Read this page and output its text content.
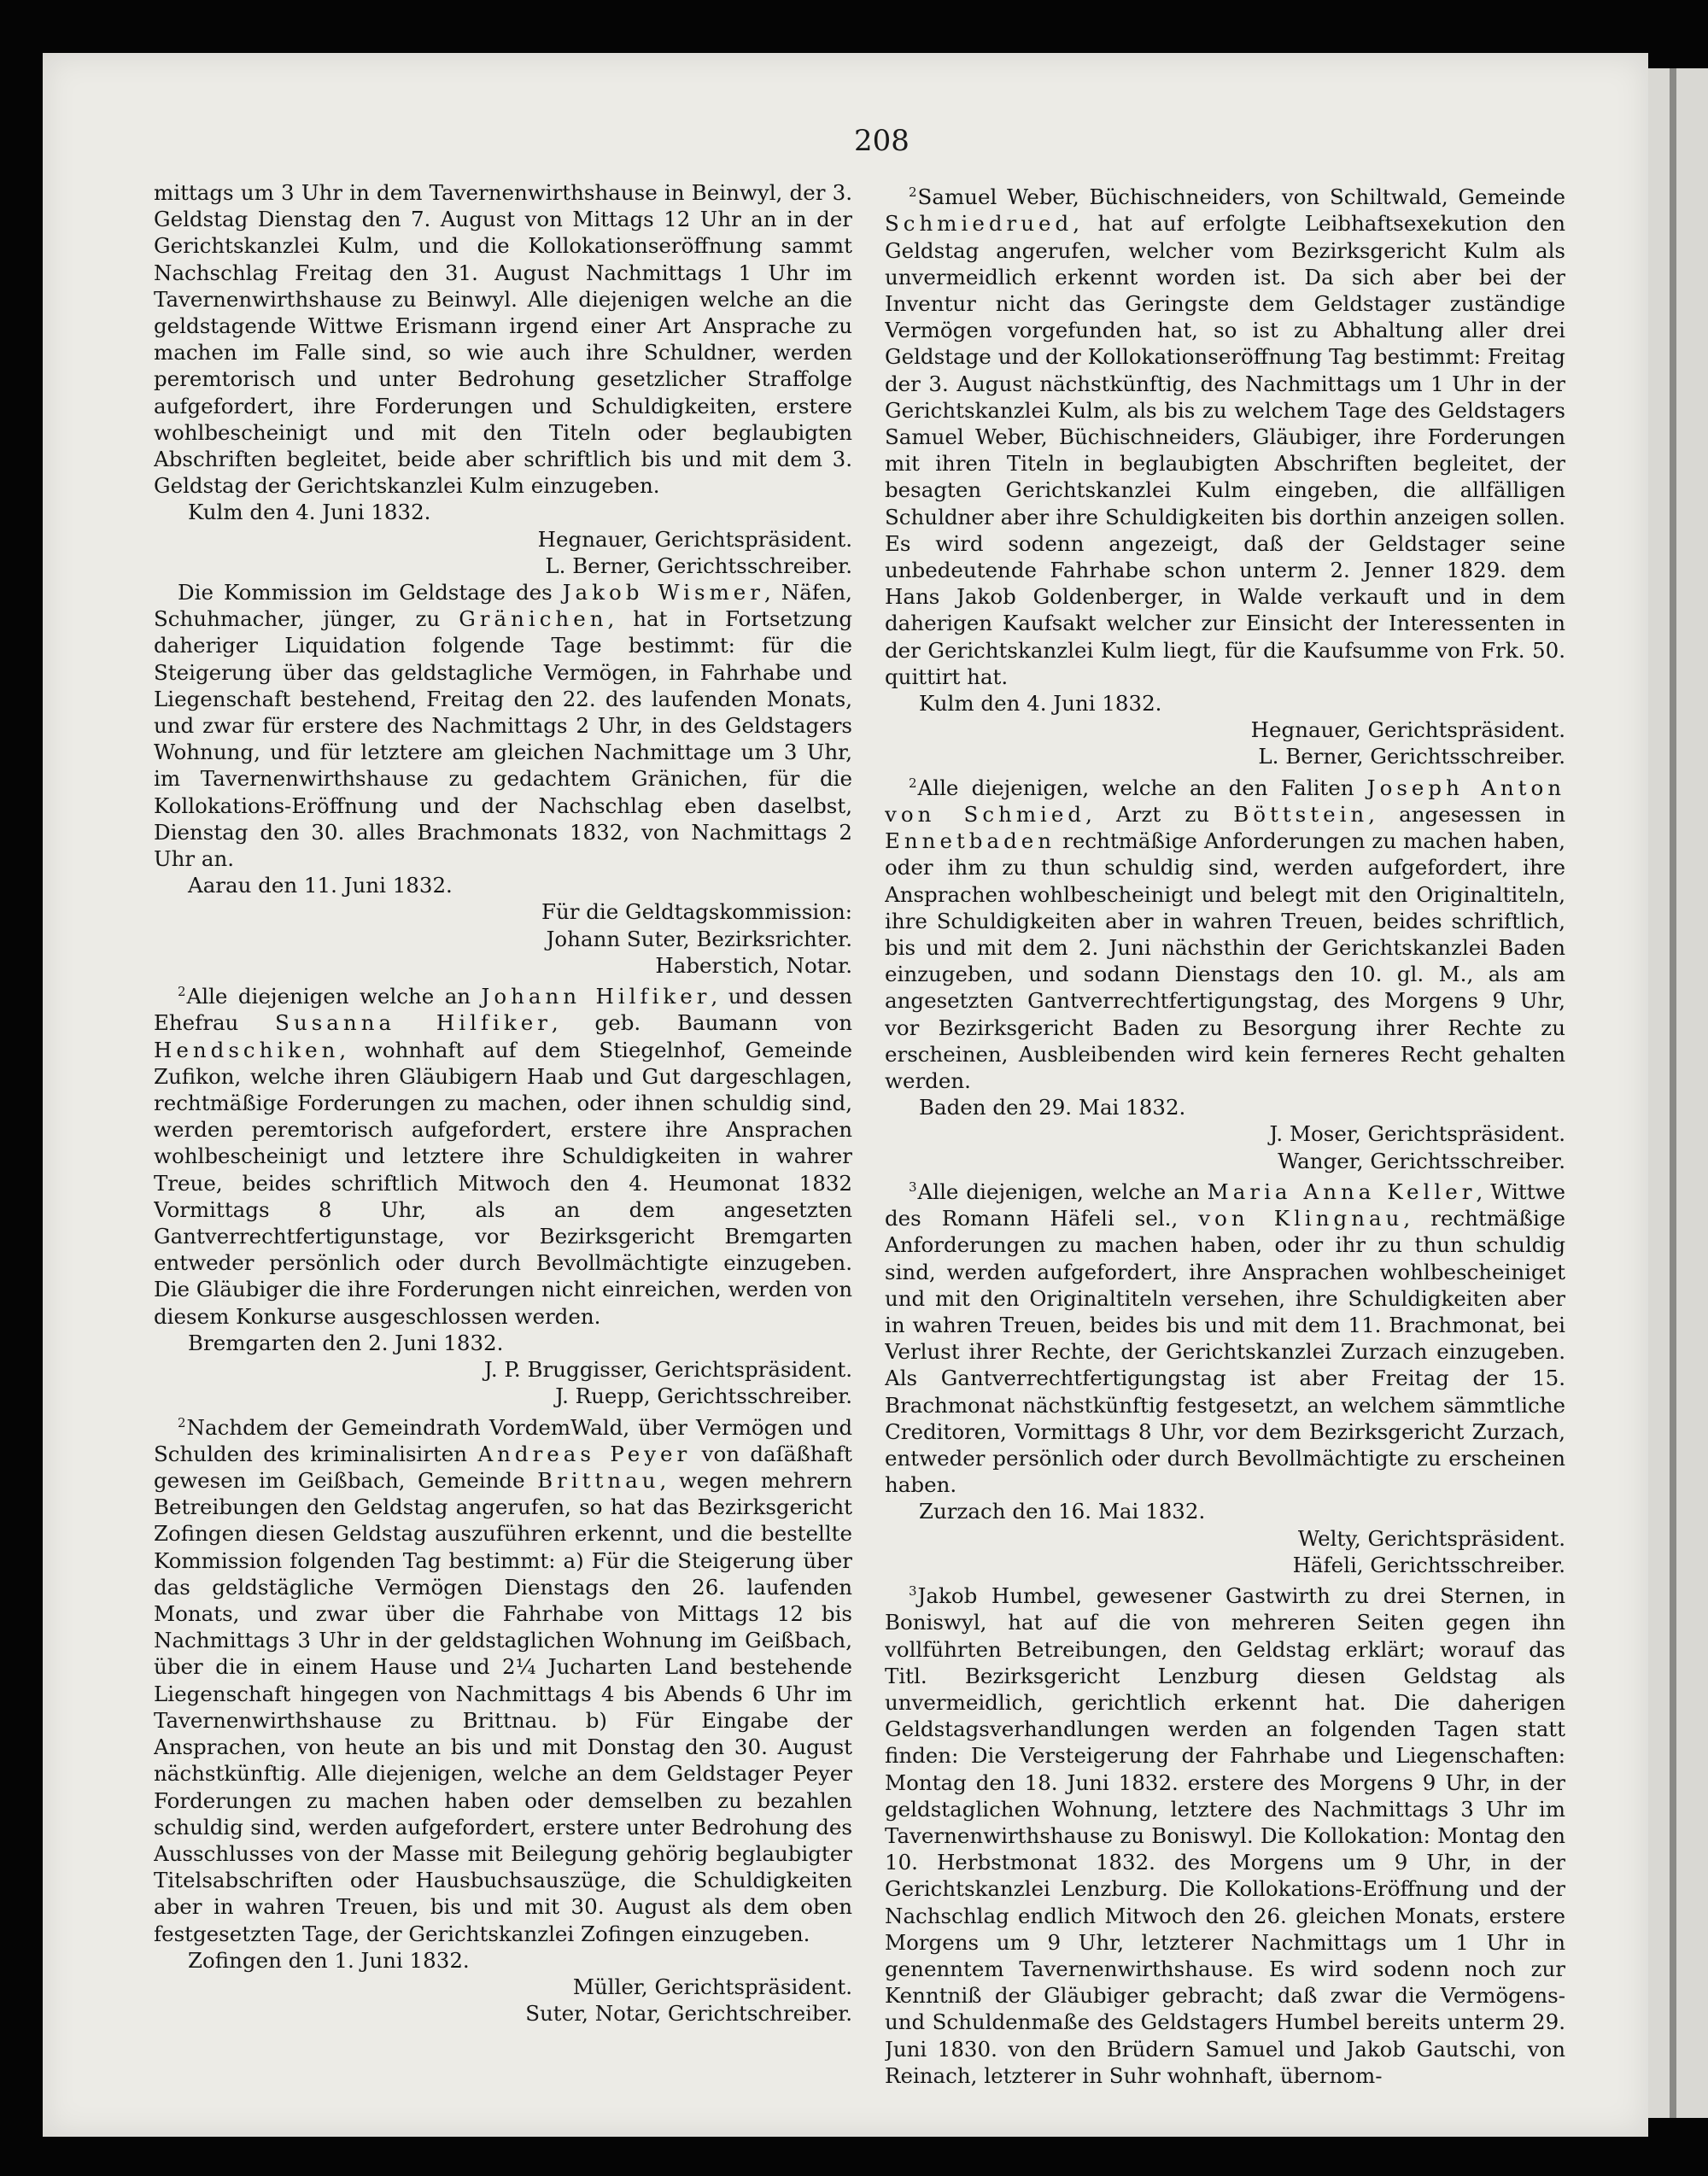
208

mittags um 3 Uhr in dem Tavernenwirthshause in Beinwyl, der 3. Geldstag Dienstag den 7. August von Mittags 12 Uhr an in der Gerichtskanzlei Kulm, und die Kollokationseröffnung sammt Nachschlag Freitag den 31. August Nachmittags 1 Uhr im Tavernenwirthshause zu Beinwyl. Alle diejenigen welche an die geldstagende Wittwe Erismann irgend einer Art Ansprache zu machen im Falle sind, so wie auch ihre Schuldner, werden peremtorisch und unter Bedrohung gesetzlicher Straffolge aufgefordert, ihre Forderungen und Schuldigkeiten, erstere wohlbescheinigt und mit den Titeln oder beglaubigten Abschriften begleitet, beide aber schriftlich bis und mit dem 3. Geldstag der Gerichtskanzlei Kulm einzugeben.

Kulm den 4. Juni 1832.

Hegnauer, Gerichtspräsident.

L. Berner, Gerichtsschreiber.

Die Kommission im Geldstage des Jakob Wismer, Näfen, Schuhmacher, jünger, zu Gränichen, hat in Fortsetzung daheriger Liquidation folgende Tage bestimmt: für die Steigerung über das geldstagliche Vermögen, in Fahrhabe und Liegenschaft bestehend, Freitag den 22. des laufenden Monats, und zwar für erstere des Nachmittags 2 Uhr, in des Geldstagers Wohnung, und für letztere am gleichen Nachmittage um 3 Uhr, im Tavernenwirthshause zu gedachtem Gränichen, für die Kollokations-Eröffnung und der Nachschlag eben daselbst, Dienstag den 30. alles Brachmonats 1832, von Nachmittags 2 Uhr an.

Aarau den 11. Juni 1832.

Für die Geldtagskommission:

Johann Suter, Bezirksrichter.

Haberstich, Notar.

$^2$Alle diejenigen welche an Johann Hilfiker, und dessen Ehefrau Susanna Hilfiker, geb. Baumann von Hendschiken, wohnhaft auf dem Stiegelnhof, Gemeinde Zufikon, welche ihren Gläubigern Haab und Gut dargeschlagen, rechtmäßige Forderungen zu machen, oder ihnen schuldig sind, werden peremtorisch aufgefordert, erstere ihre Ansprachen wohlbescheinigt und letztere ihre Schuldigkeiten in wahrer Treue, beides schriftlich Mitwoch den 4. Heumonat 1832 Vormittags 8 Uhr, als an dem angesetzten Gantverrechtfertigunstage, vor Bezirksgericht Bremgarten entweder persönlich oder durch Bevollmächtigte einzugeben. Die Gläubiger die ihre Forderungen nicht einreichen, werden von diesem Konkurse ausgeschlossen werden.

Bremgarten den 2. Juni 1832.

J. P. Bruggisser, Gerichtspräsident.

J. Ruepp, Gerichtsschreiber.

$^2$Nachdem der Gemeindrath VordemWald, über Vermögen und Schulden des kriminalisirten Andreas Peyer von daſäßhaft gewesen im Geißbach, Gemeinde Brittnau, wegen mehrern Betreibungen den Geldstag angerufen, so hat das Bezirksgericht Zofingen diesen Geldstag auszuführen erkennt, und die bestellte Kommission folgenden Tag bestimmt: a) Für die Steigerung über das geldstägliche Vermögen Dienstags den 26. laufenden Monats, und zwar über die Fahrhabe von Mittags 12 bis Nachmittags 3 Uhr in der geldstaglichen Wohnung im Geißbach, über die in einem Hause und 2¼ Jucharten Land bestehende Liegenschaft hingegen von Nachmittags 4 bis Abends 6 Uhr im Tavernenwirthshause zu Brittnau. b) Für Eingabe der Ansprachen, von heute an bis und mit Donstag den 30. August nächstkünftig. Alle diejenigen, welche an dem Geldstager Peyer Forderungen zu machen haben oder demselben zu bezahlen schuldig sind, werden aufgefordert, erstere unter Bedrohung des Ausschlusses von der Masse mit Beilegung gehörig beglaubigter Titelsabschriften oder Hausbuchsauszüge, die Schuldigkeiten aber in wahren Treuen, bis und mit 30. August als dem oben festgesetzten Tage, der Gerichtskanzlei Zofingen einzugeben.

Zofingen den 1. Juni 1832.

Müller, Gerichtspräsident.

Suter, Notar, Gerichtschreiber.

$^2$Samuel Weber, Büchischneiders, von Schiltwald, Gemeinde Schmiedrued, hat auf erfolgte Leibhaftsexekution den Geldstag angerufen, welcher vom Bezirksgericht Kulm als unvermeidlich erkennt worden ist. Da sich aber bei der Inventur nicht das Geringste dem Geldstager zuständige Vermögen vorgefunden hat, so ist zu Abhaltung aller drei Geldstage und der Kollokationseröffnung Tag bestimmt: Freitag der 3. August nächstkünftig, des Nachmittags um 1 Uhr in der Gerichtskanzlei Kulm, als bis zu welchem Tage des Geldstagers Samuel Weber, Büchischneiders, Gläubiger, ihre Forderungen mit ihren Titeln in beglaubigten Abschriften begleitet, der besagten Gerichtskanzlei Kulm eingeben, die allfälligen Schuldner aber ihre Schuldigkeiten bis dorthin anzeigen sollen. Es wird sodenn angezeigt, daß der Geldstager seine unbedeutende Fahrhabe schon unterm 2. Jenner 1829. dem Hans Jakob Goldenberger, in Walde verkauft und in dem daherigen Kaufsakt welcher zur Einsicht der Interessenten in der Gerichtskanzlei Kulm liegt, für die Kaufsumme von Frk. 50. quittirt hat.

Kulm den 4. Juni 1832.

Hegnauer, Gerichtspräsident.

L. Berner, Gerichtsschreiber.

$^2$Alle diejenigen, welche an den Faliten Joseph Anton von Schmied, Arzt zu Böttstein, angesessen in Ennetbaden rechtmäßige Anforderungen zu machen haben, oder ihm zu thun schuldig sind, werden aufgefordert, ihre Ansprachen wohlbescheinigt und belegt mit den Originaltiteln, ihre Schuldigkeiten aber in wahren Treuen, beides schriftlich, bis und mit dem 2. Juni nächsthin der Gerichtskanzlei Baden einzugeben, und sodann Dienstags den 10. gl. M., als am angesetzten Gantverrechtfertigungstag, des Morgens 9 Uhr, vor Bezirksgericht Baden zu Besorgung ihrer Rechte zu erscheinen, Ausbleibenden wird kein ferneres Recht gehalten werden.

Baden den 29. Mai 1832.

J. Moser, Gerichtspräsident.

Wanger, Gerichtsschreiber.

$^3$Alle diejenigen, welche an Maria Anna Keller, Wittwe des Romann Häfeli sel., von Klingnau, rechtmäßige Anforderungen zu machen haben, oder ihr zu thun schuldig sind, werden aufgefordert, ihre Ansprachen wohlbescheiniget und mit den Originaltiteln versehen, ihre Schuldigkeiten aber in wahren Treuen, beides bis und mit dem 11. Brachmonat, bei Verlust ihrer Rechte, der Gerichtskanzlei Zurzach einzugeben. Als Gantverrechtfertigungstag ist aber Freitag der 15. Brachmonat nächstkünftig festgesetzt, an welchem sämmtliche Creditoren, Vormittags 8 Uhr, vor dem Bezirksgericht Zurzach, entweder persönlich oder durch Bevollmächtigte zu erscheinen haben.

Zurzach den 16. Mai 1832.

Welty, Gerichtspräsident.

Häfeli, Gerichtsschreiber.

$^3$Jakob Humbel, gewesener Gastwirth zu drei Sternen, in Boniswyl, hat auf die von mehreren Seiten gegen ihn vollführten Betreibungen, den Geldstag erklärt; worauf das Titl. Bezirksgericht Lenzburg diesen Geldstag als unvermeidlich, gerichtlich erkennt hat. Die daherigen Geldstagsverhandlungen werden an folgenden Tagen statt finden: Die Versteigerung der Fahrhabe und Liegenschaften: Montag den 18. Juni 1832. erstere des Morgens 9 Uhr, in der geldstaglichen Wohnung, letztere des Nachmittags 3 Uhr im Tavernenwirthshause zu Boniswyl. Die Kollokation: Montag den 10. Herbstmonat 1832. des Morgens um 9 Uhr, in der Gerichtskanzlei Lenzburg. Die Kollokations-Eröffnung und der Nachschlag endlich Mitwoch den 26. gleichen Monats, erstere Morgens um 9 Uhr, letzterer Nachmittags um 1 Uhr in genenntem Tavernenwirthshause. Es wird sodenn noch zur Kenntniß der Gläubiger gebracht; daß zwar die Vermögens- und Schuldenmaße des Geldstagers Humbel bereits unterm 29. Juni 1830. von den Brüdern Samuel und Jakob Gautschi, von Reinach, letzterer in Suhr wohnhaft, übernom-
